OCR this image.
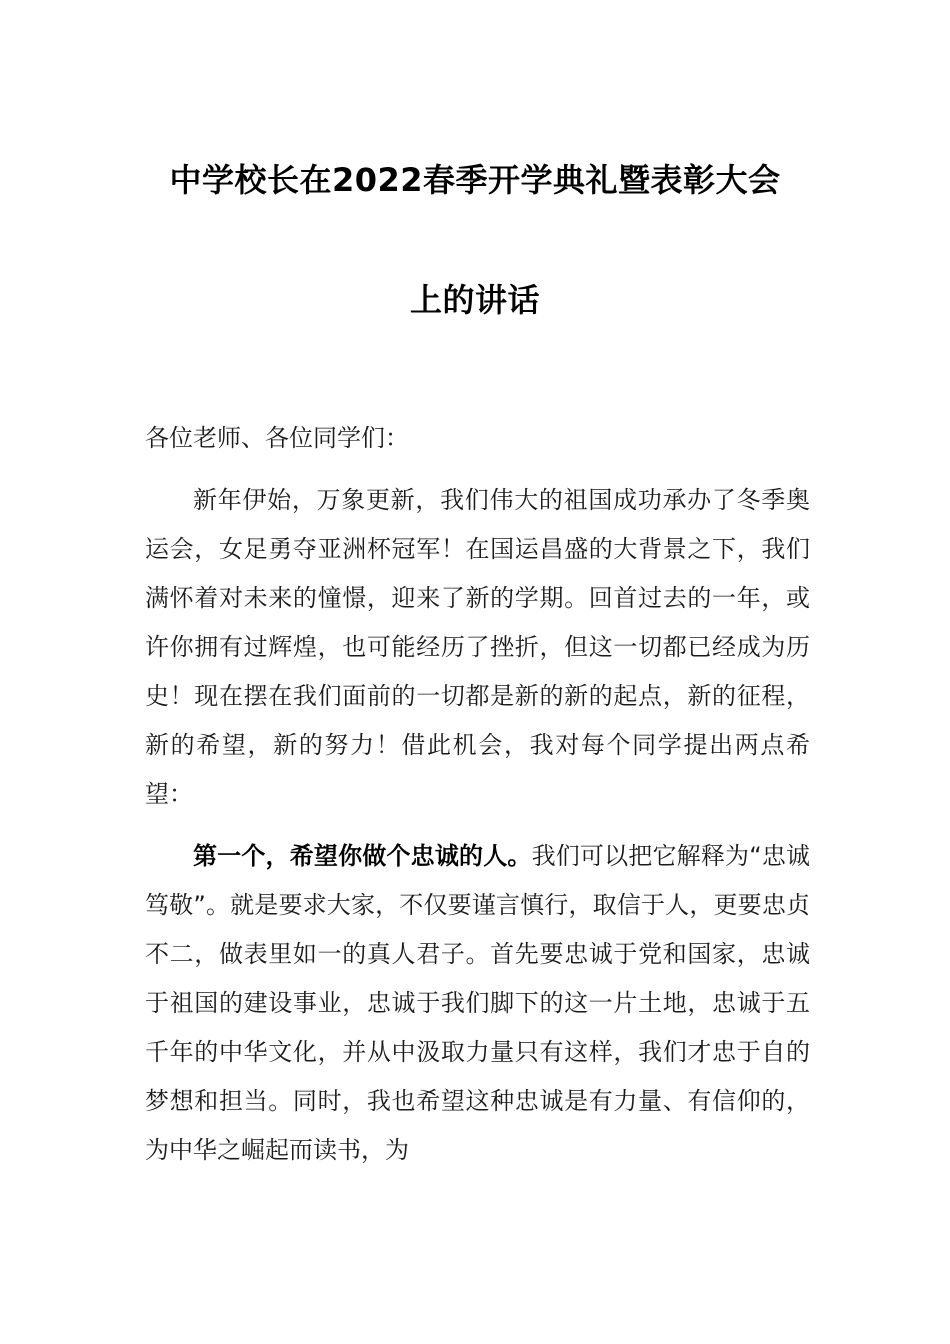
中学校长在2022春季开学典礼暨表彰大会
上的讲话

各位老师、各位同学们：

新年伊始，万象更新，我们伟大的祖国成功承办了冬季奥运会，女足勇夺亚洲杯冠军！在国运昌盛的大背景之下，我们满怀着对未来的憧憬，迎来了新的学期。回首过去的一年，或许你拥有过辉煌，也可能经历了挫折，但这一切都已经成为历史！现在摆在我们面前的一切都是新的新的起点，新的征程，新的希望，新的努力！借此机会，我对每个同学提出两点希望：

第一个，希望你做个忠诚的人。我们可以把它解释为“忠诚笃敬”。就是要求大家，不仅要谨言慎行，取信于人，更要忠贞不二，做表里如一的真人君子。首先要忠诚于党和国家，忠诚于祖国的建设事业，忠诚于我们脚下的这一片土地，忠诚于五千年的中华文化，并从中汲取力量只有这样，我们才忠于自的梦想和担当。同时，我也希望这种忠诚是有力量、有信仰的，为中华之崛起而读书，为
